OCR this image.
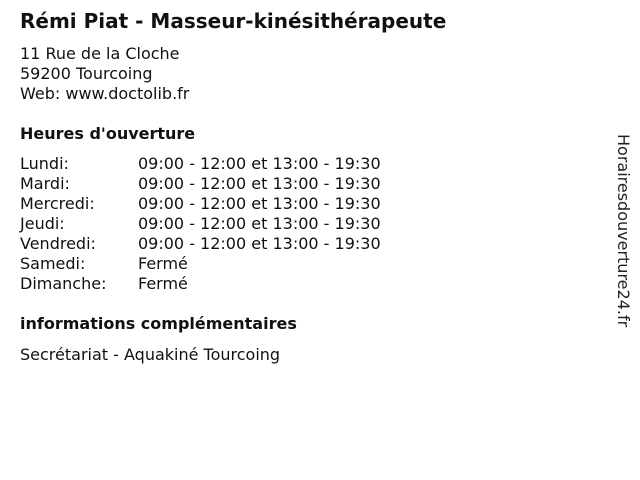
Rémi Piat - Masseur-kinésithérapeute
11 Rue de la Cloche
59200 Tourcoing
Web: www.doctolib.fr
Heures d'ouverture
Lundi:	09:00 - 12:00 et 13:00 - 19:30
Mardi:	09:00 - 12:00 et 13:00 - 19:30
Mercredi:	09:00 - 12:00 et 13:00 - 19:30
Jeudi:	09:00 - 12:00 et 13:00 - 19:30
Vendredi:	09:00 - 12:00 et 13:00 - 19:30
Samedi:	Fermé
Dimanche: Fermé
informations complémentaires
Secrétariat - Aquakiné Tourcoing
Horairesdouverture24.fr
